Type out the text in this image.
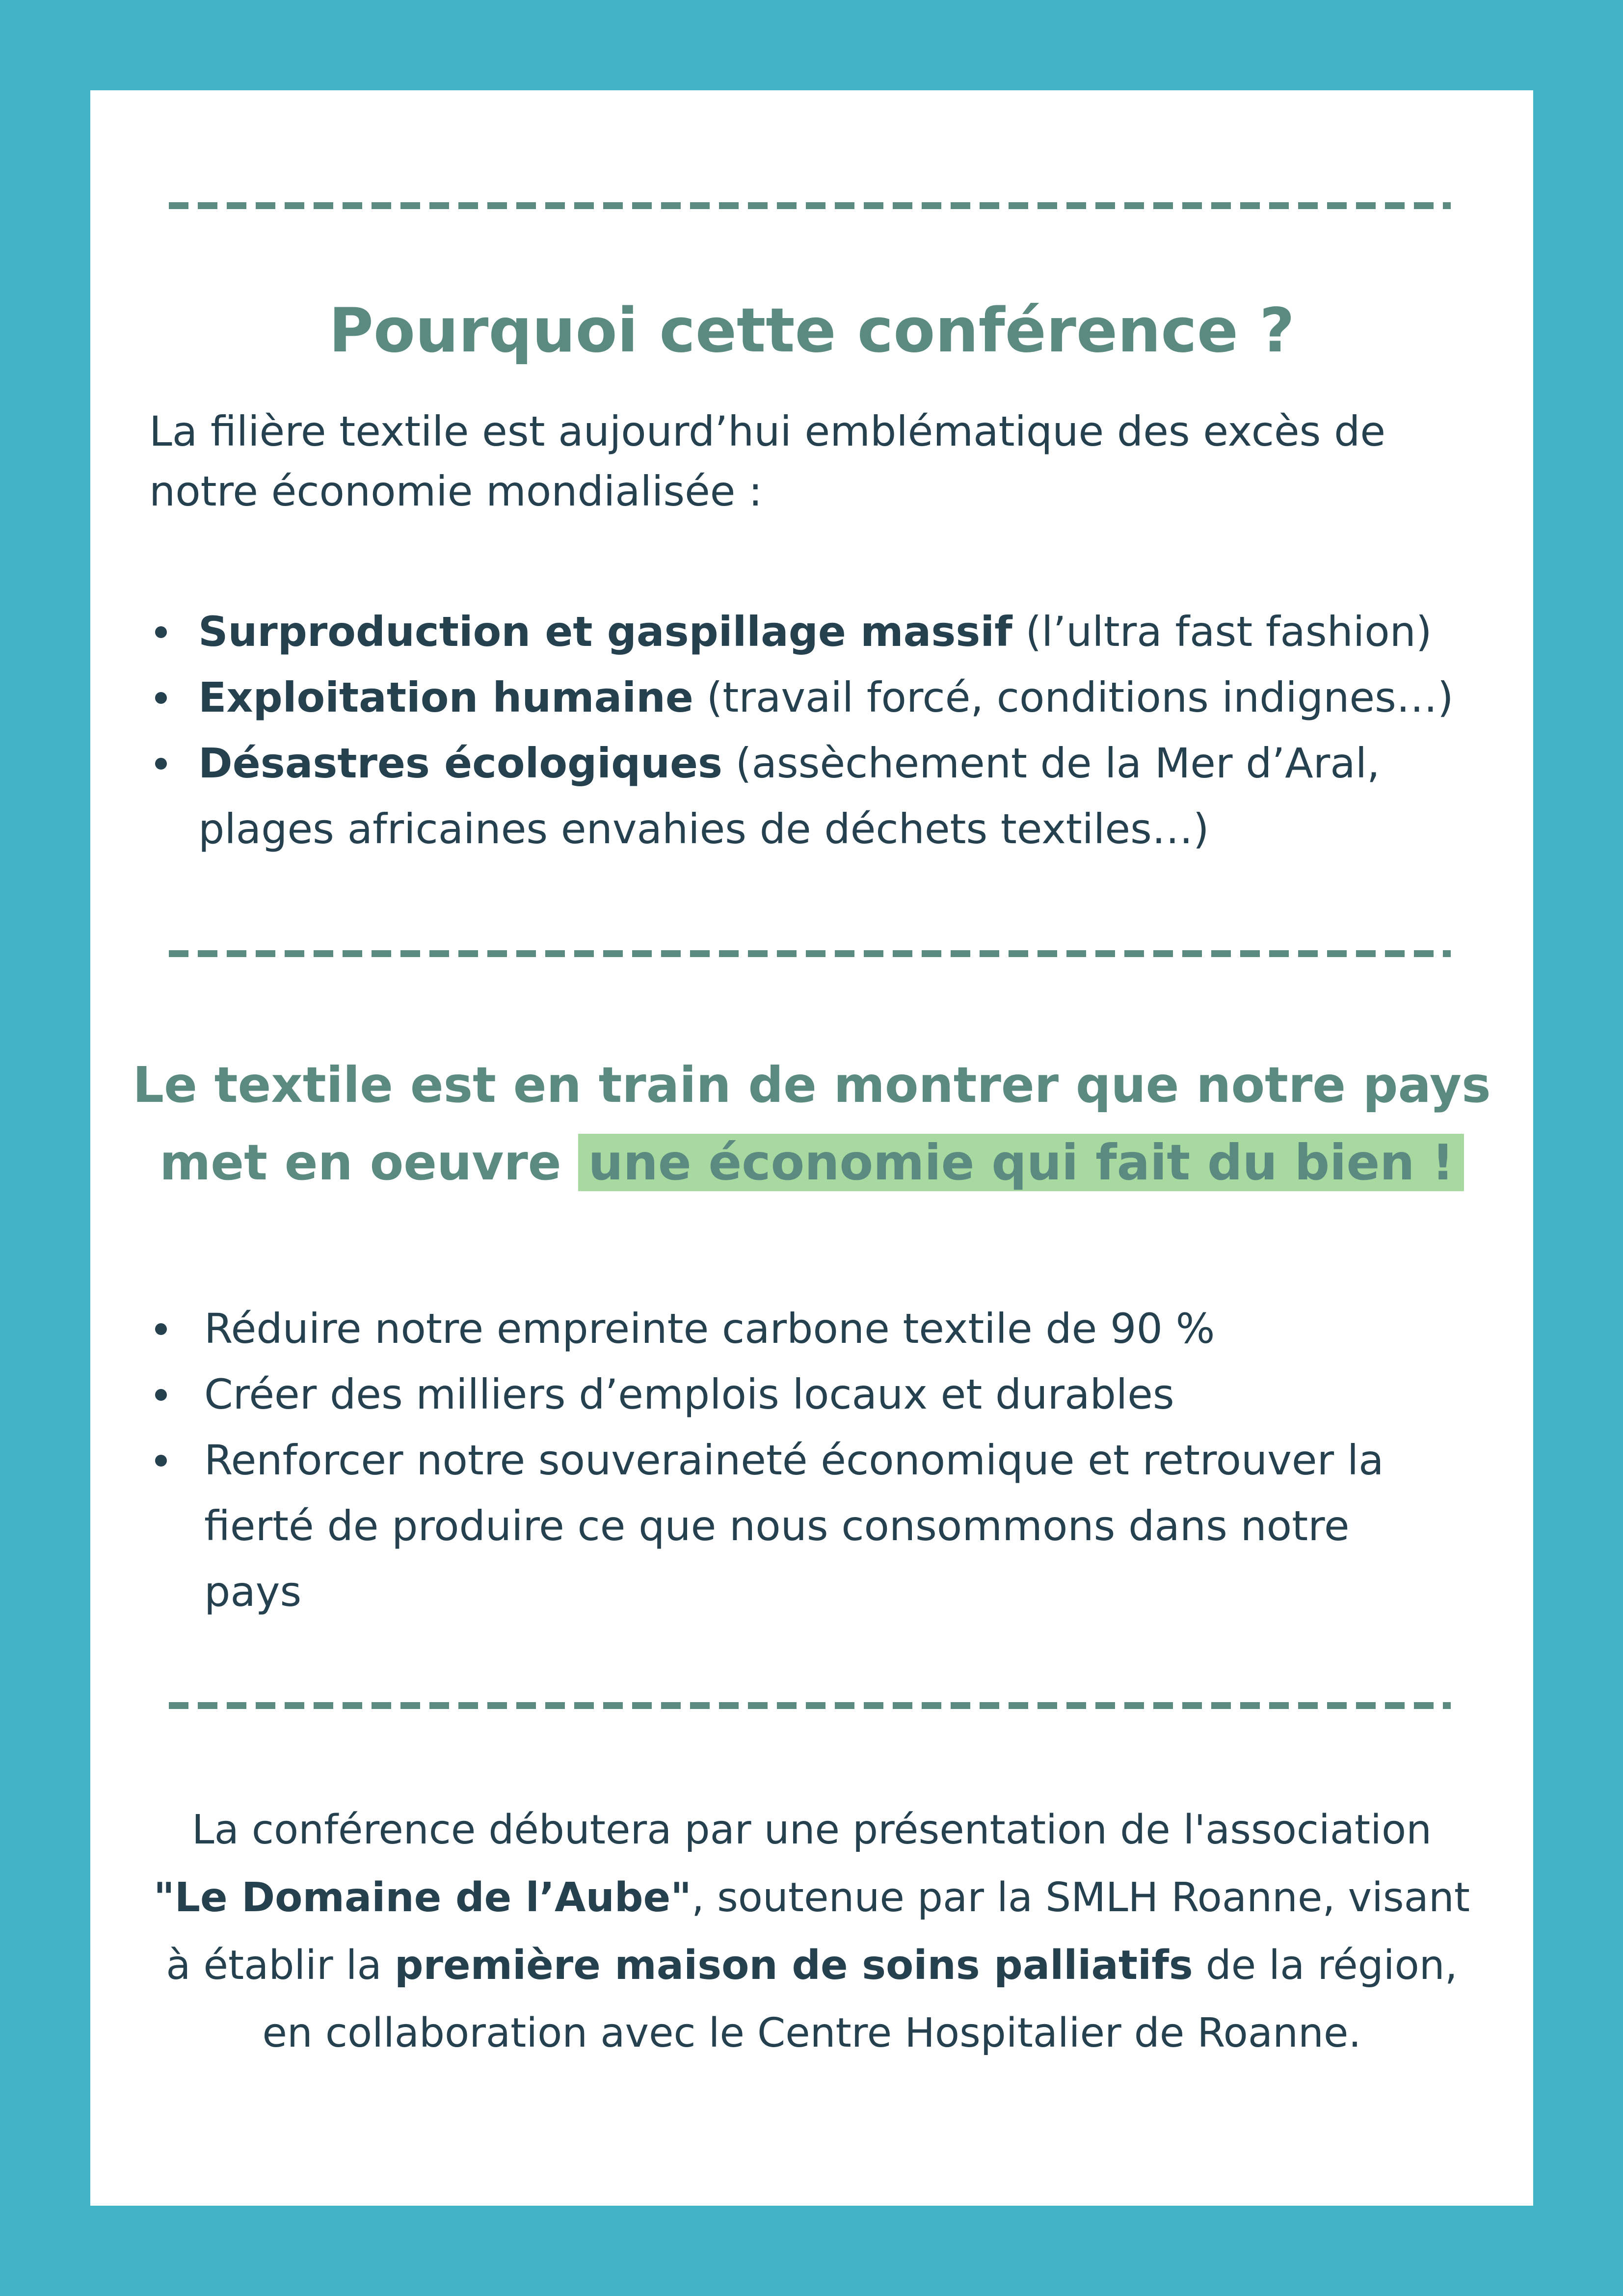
Pourquoi cette conférence ?

La filière textile est aujourd’hui emblématique des excès de
notre économie mondialisée :

Surproduction et gaspillage massif (l’ultra fast fashion)
Exploitation humaine (travail forcé, conditions indignes…)
Désastres écologiques (assèchement de la Mer d’Aral,
plages africaines envahies de déchets textiles…)
Le textile est en train de montrer que notre pays
met en oeuvre une économie qui fait du bien !
Réduire notre empreinte carbone textile de 90 %
Créer des milliers d’emplois locaux et durables
Renforcer notre souveraineté économique et retrouver la
fierté de produire ce que nous consommons dans notre
pays

La conférence débutera par une présentation de l'association
"Le Domaine de l’Aube", soutenue par la SMLH Roanne, visant
à établir la première maison de soins palliatifs de la région,
en collaboration avec le Centre Hospitalier de Roanne.
